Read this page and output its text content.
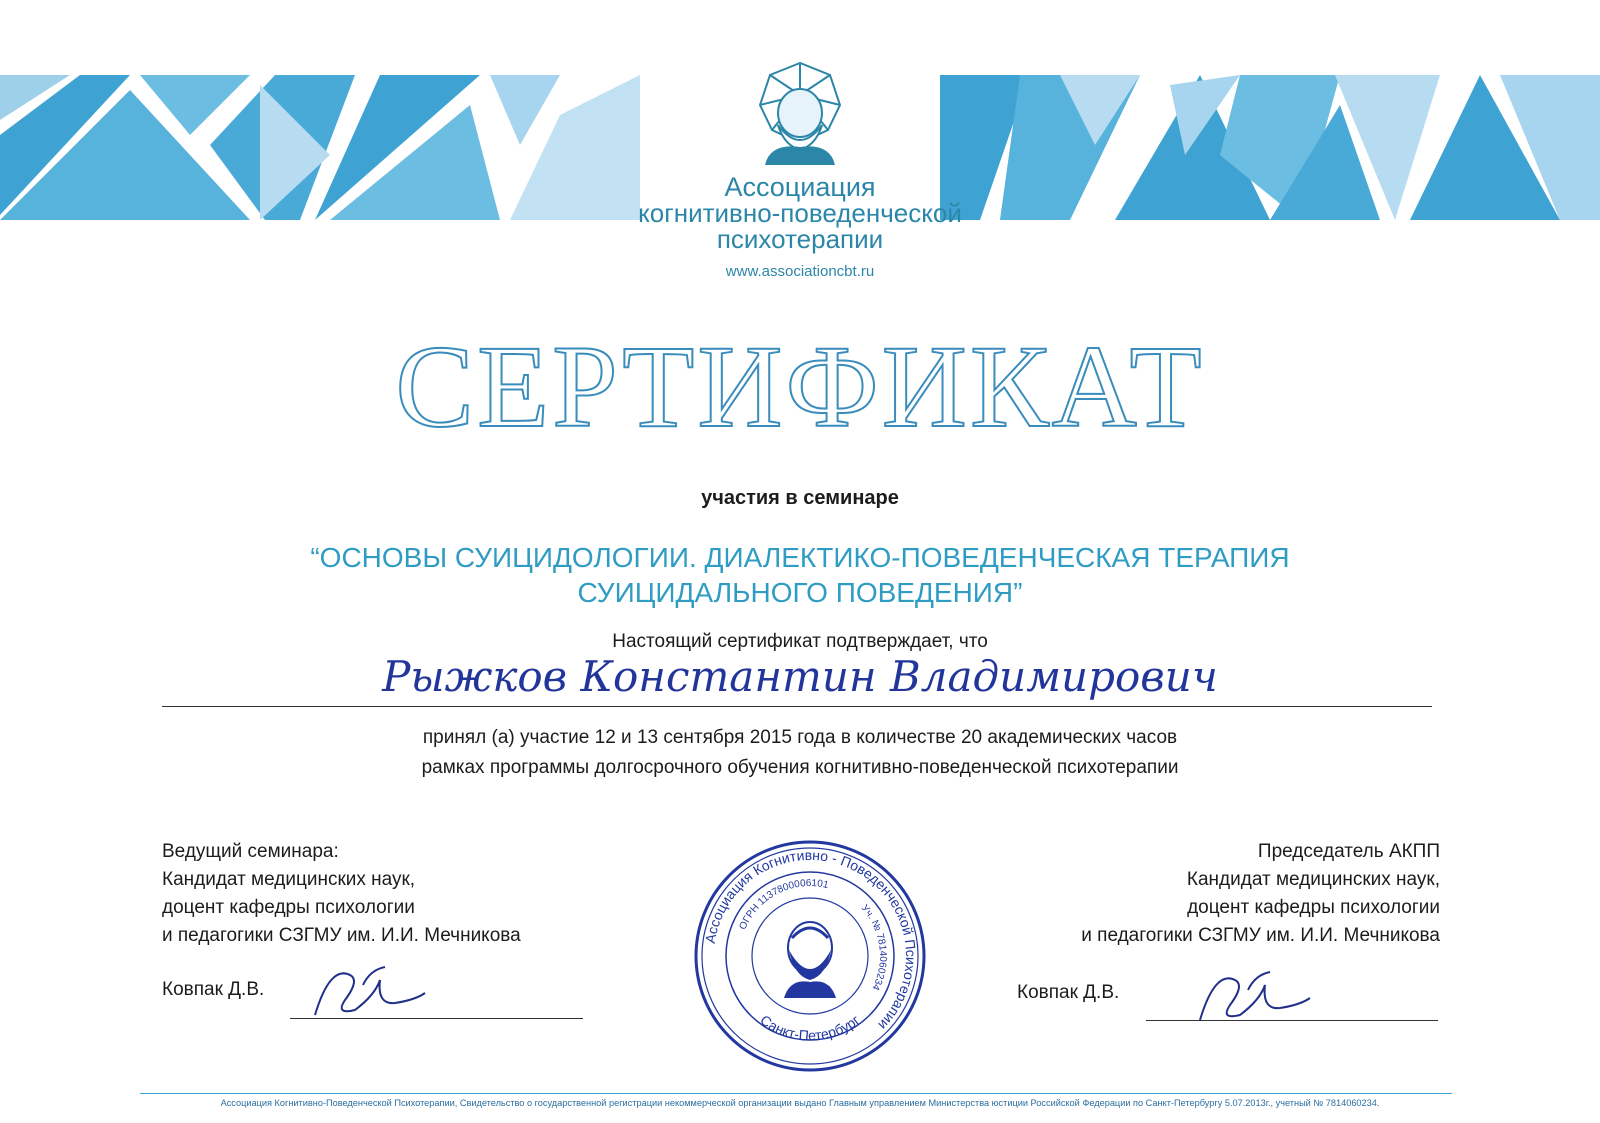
Ассоциация
когнитивно-поведенческой
психотерапии
www.associationcbt.ru
СЕРТИФИКАТ
участия в семинаре
“ОСНОВЫ СУИЦИДОЛОГИИ. ДИАЛЕКТИКО-ПОВЕДЕНЧЕСКАЯ ТЕРАПИЯ
СУИЦИДАЛЬНОГО ПОВЕДЕНИЯ”
Настоящий сертификат подтверждает, что
Рыжков Константин Владимирович
принял (а) участие 12 и 13 сентября 2015 года в количестве 20 академических часов
рамках программы долгосрочного обучения когнитивно-поведенческой психотерапии
Ведущий семинара:
Кандидат медицинских наук,
доцент кафедры психологии
и педагогики СЗГМУ им. И.И. Мечникова
Ковпак Д.В.
Председатель АКПП
Кандидат медицинских наук,
доцент кафедры психологии
и педагогики СЗГМУ им. И.И. Мечникова
Ковпак Д.В.
Ассоциация Когнитивно - Поведенческой Психотерапии
ОГРН 1137800006101
Уч. № 7814060234
Санкт-Петербург
АКПП
Ассоциация Когнитивно-Поведенческой Психотерапии, Свидетельство о государственной регистрации некоммерческой организации выдано Главным управлением Министерства юстиции Российской Федерации по Санкт-Петербургу 5.07.2013г., учетный № 7814060234.
